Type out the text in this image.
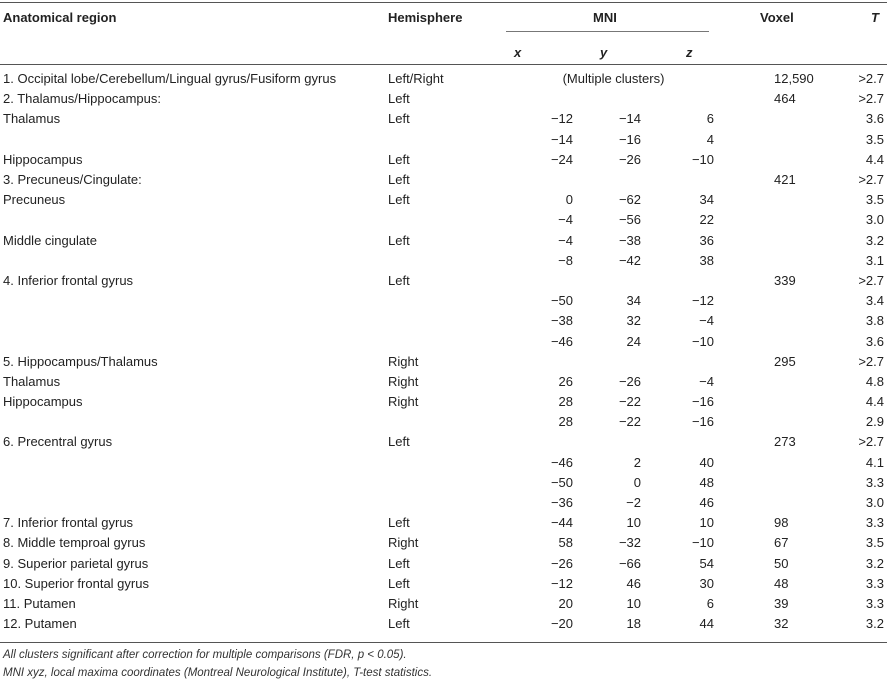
Anatomical region	Hemisphere	MNI	Voxel	T
x	y	z
1. Occipital lobe/Cerebellum/Lingual gyrus/Fusiform gyrus	Left/Right	(Multiple clusters)			12,590	>2.7
2. Thalamus/Hippocampus:	Left				464	>2.7
Thalamus	Left	−12	−14	6		3.6
		−14	−16	4		3.5
Hippocampus	Left	−24	−26	−10		4.4
3. Precuneus/Cingulate:	Left				421	>2.7
Precuneus	Left	0	−62	34		3.5
		−4	−56	22		3.0
Middle cingulate	Left	−4	−38	36		3.2
		−8	−42	38		3.1
4. Inferior frontal gyrus	Left				339	>2.7
		−50	34	−12		3.4
		−38	32	−4		3.8
		−46	24	−10		3.6
5. Hippocampus/Thalamus	Right				295	>2.7
Thalamus	Right	26	−26	−4		4.8
Hippocampus	Right	28	−22	−16		4.4
		28	−22	−16		2.9
6. Precentral gyrus	Left				273	>2.7
		−46	2	40		4.1
		−50	0	48		3.3
		−36	−2	46		3.0
7. Inferior frontal gyrus	Left	−44	10	10	98	3.3
8. Middle temproal gyrus	Right	58	−32	−10	67	3.5
9. Superior parietal gyrus	Left	−26	−66	54	50	3.2
10. Superior frontal gyrus	Left	−12	46	30	48	3.3
11. Putamen	Right	20	10	6	39	3.3
12. Putamen	Left	−20	18	44	32	3.2
All clusters significant after correction for multiple comparisons (FDR, p < 0.05).
MNI xyz, local maxima coordinates (Montreal Neurological Institute), T-test statistics.
